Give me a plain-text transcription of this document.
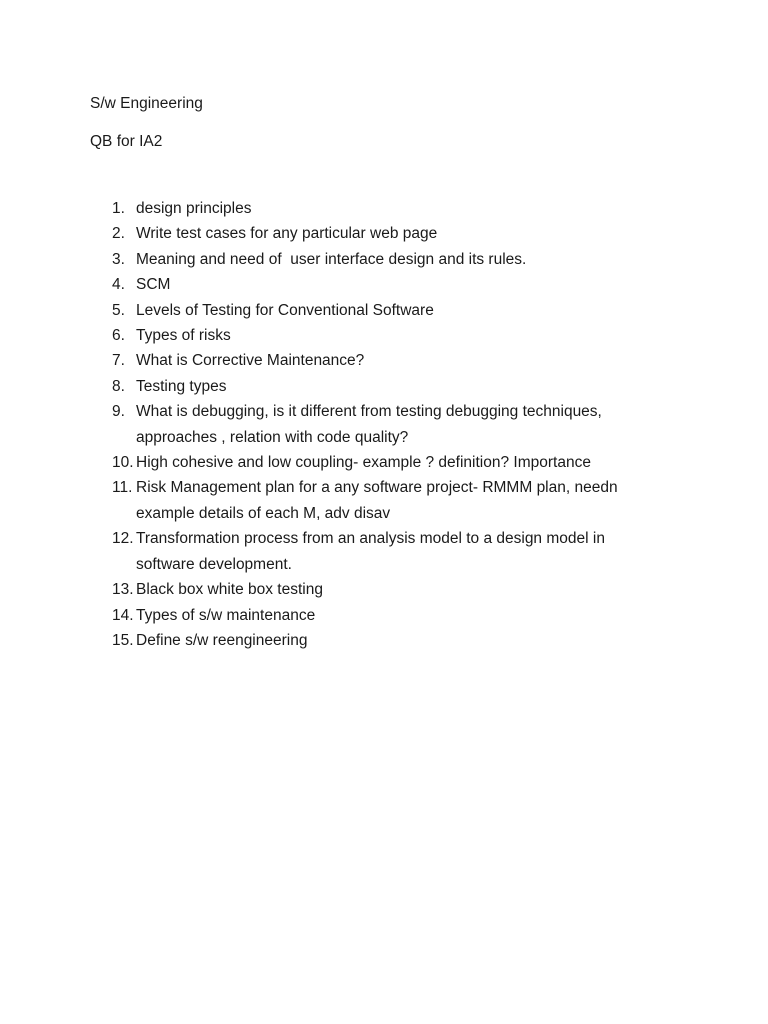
S/w Engineering
QB for IA2
1. design principles
2. Write test cases for any particular web page
3. Meaning and need of  user interface design and its rules.
4. SCM
5. Levels of Testing for Conventional Software
6. Types of risks
7. What is Corrective Maintenance?
8. Testing types
9. What is debugging, is it different from testing debugging techniques, approaches , relation with code quality?
10. High cohesive and low coupling- example ? definition? Importance
11. Risk Management plan for a any software project- RMMM plan, needn example details of each M, adv disav
12. Transformation process from an analysis model to a design model in software development.
13. Black box white box testing
14. Types of s/w maintenance
15. Define s/w reengineering
